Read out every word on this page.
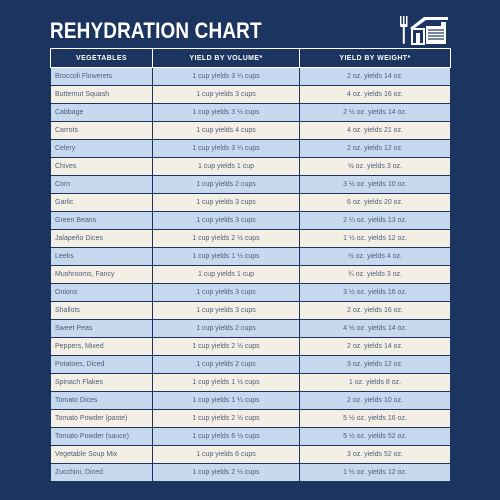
REHYDRATION CHART
VEGETABLES	YIELD BY VOLUME*	YIELD BY WEIGHT*
Broccoli Flowerets	1 cup yields 3 ¼ cups	2 oz. yields 14 oz.
Butternut Squash	1 cup yields 3 cups	4 oz. yields 16 oz.
Cabbage	1 cup yields 3 ½ cups	2 ½ oz. yields 14 oz.
Carrots	1 cup yields 4 cups	4 oz. yields 21 oz.
Celery	1 cup yields 3 ¼ cups	2 oz. yields 12 oz.
Chives	1 cup yields 1 cup	½ oz. yields 3 oz.
Corn	1 cup yields 2 cups	3 ½ oz. yields 10 oz.
Garlic	1 cup yields 3 cups	6 oz. yields 20 oz.
Green Beans	1 cup yields 3 cups	2 ¼ oz. yields 13 oz.
Jalapeño Dices	1 cup yields 2 ½ cups	1 ½ oz. yields 12 oz.
Leeks	1 cup yields 1 ½ cups	½ oz. yields 4 oz.
Mushrooms, Fancy	1 cup yields 1 cup	¾ oz. yields 3 oz.
Onions	1 cup yields 3 cups	3 ½ oz. yields 16 oz.
Shallots	1 cup yields 3 cups	2 oz. yields 16 oz.
Sweet Peas	1 cup yields 2 cups	4 ½ oz. yields 14 oz.
Peppers, Mixed	1 cup yields 2 ½ cups	2 oz. yields 14 oz.
Potatoes, Diced	1 cup yields 2 cups	3 oz. yields 12 oz.
Spinach Flakes	1 cup yields 1 ½ cups	1 oz. yields 8 oz.
Tomato Dices	1 cup yields 1 ¼ cups	2 oz. yields 10 oz.
Tomato Powder (paste)	1 cup yields 2 ½ cups	5 ½ oz. yields 16 oz.
Tomato Powder (sauce)	1 cup yields 6 ½ cups	5 ½ oz. yields 52 oz.
Vegetable Soup Mix	1 cup yields 6 cups	3 oz. yields 52 oz.
Zucchini, Diced	1 cup yields 2 ½ cups	1 ½ oz. yields 12 oz.
